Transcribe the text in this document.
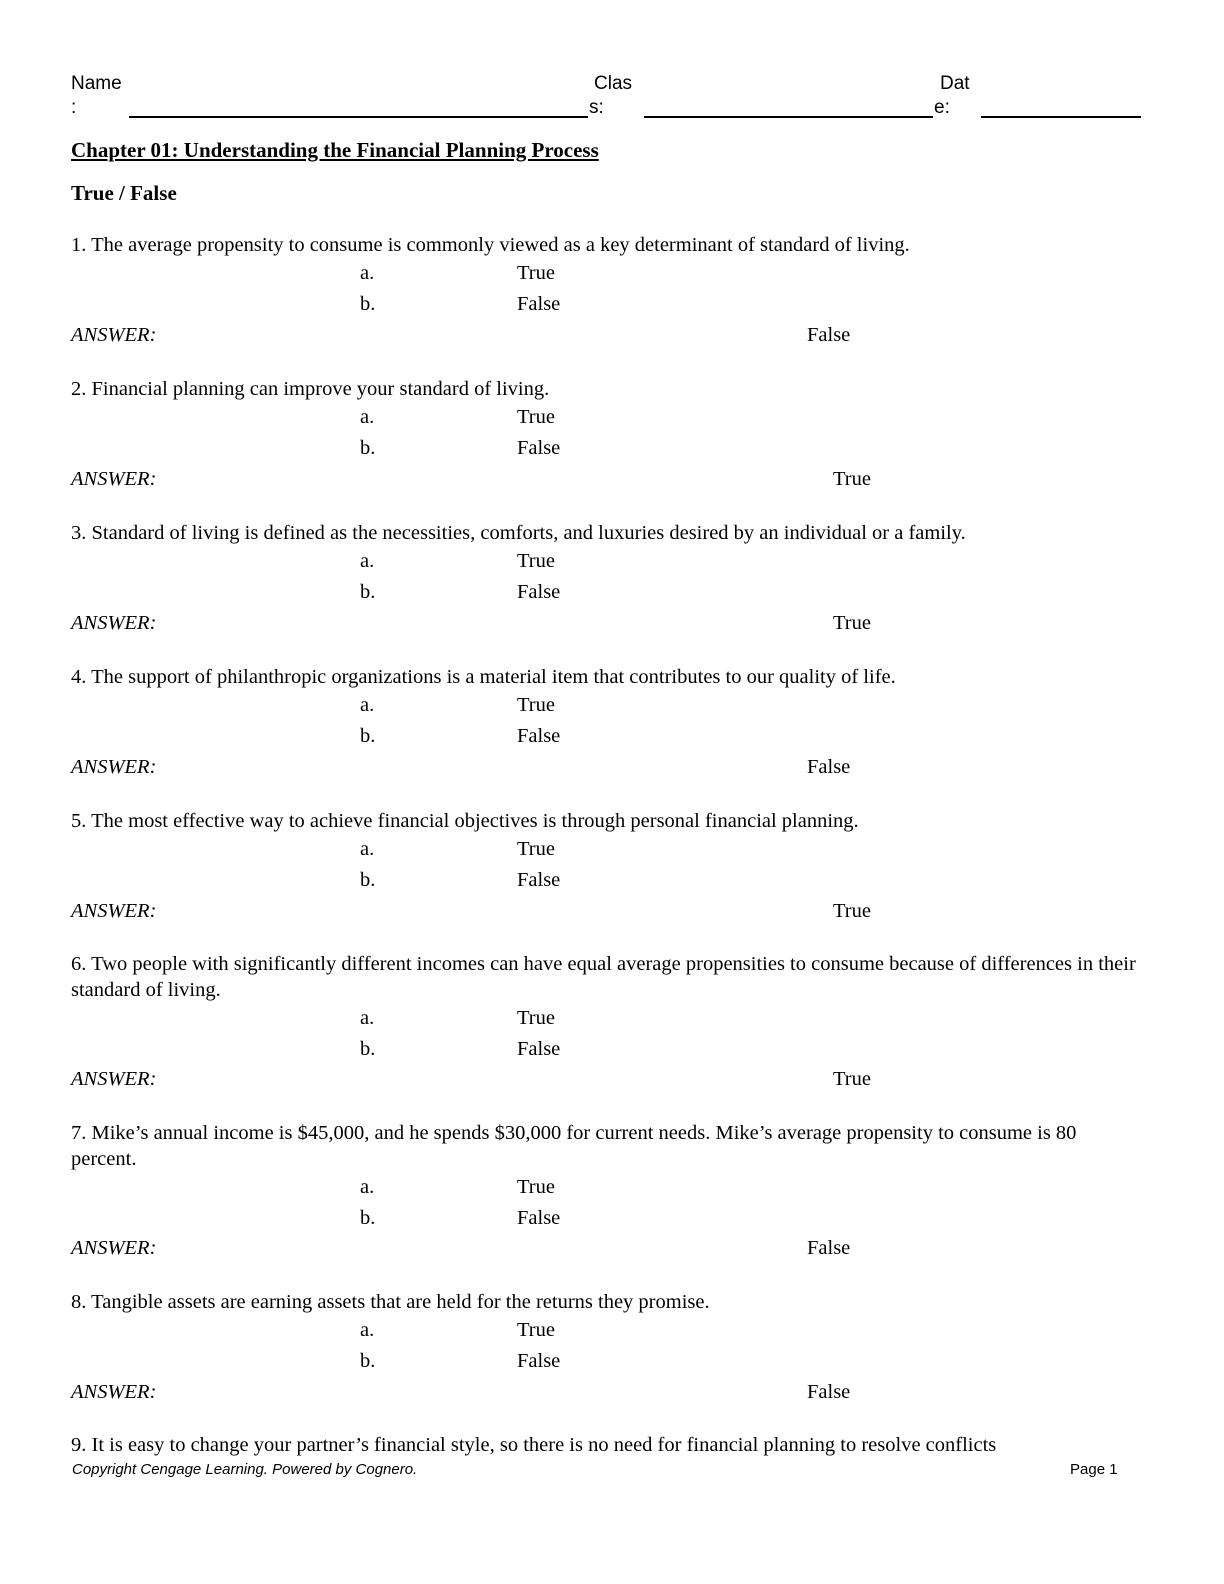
Name
:
Clas
s:
Dat
e:
Chapter 01: Understanding the Financial Planning Process
True / False
1. The average propensity to consume is commonly viewed as a key determinant of standard of living.
a.	True
b.	False
ANSWER:	False
2. Financial planning can improve your standard of living.
a.	True
b.	False
ANSWER:	True
3. Standard of living is defined as the necessities, comforts, and luxuries desired by an individual or a family.
a.	True
b.	False
ANSWER:	True
4. The support of philanthropic organizations is a material item that contributes to our quality of life.
a.	True
b.	False
ANSWER:	False
5. The most effective way to achieve financial objectives is through personal financial planning.
a.	True
b.	False
ANSWER:	True
6. Two people with significantly different incomes can have equal average propensities to consume because of differences in their standard of living.
a.	True
b.	False
ANSWER:	True
7. Mike’s annual income is $45,000, and he spends $30,000 for current needs. Mike’s average propensity to consume is 80 percent.
a.	True
b.	False
ANSWER:	False
8. Tangible assets are earning assets that are held for the returns they promise.
a.	True
b.	False
ANSWER:	False
9. It is easy to change your partner’s financial style, so there is no need for financial planning to resolve conflicts
Copyright Cengage Learning. Powered by Cognero.	Page 1
